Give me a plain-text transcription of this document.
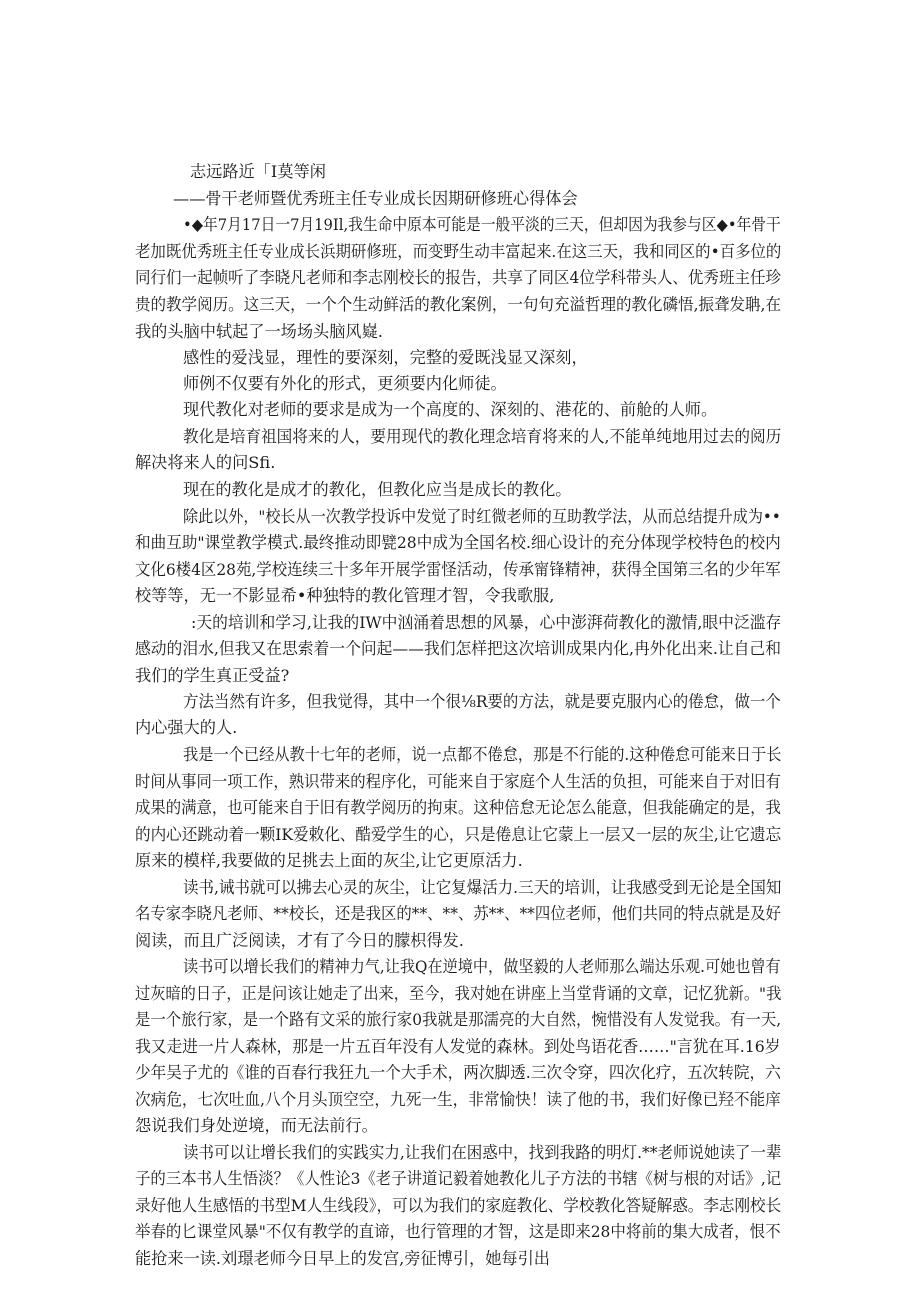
志远路近「I莫等闲
——骨干老师暨优秀班主任专业成长因期研修班心得体会
•◆年7月17日一7月19Il,我生命中原本可能是一般平淡的三天，但却因为我参与区◆•年骨干
老加既优秀班主任专业成长浜期研修班，而变野生动丰富起来.在这三天，我和同区的•百多位的
同行们一起帧听了李晓凡老师和李志刚校长的报告，共享了同区4位学科带头人、优秀班主任珍
贵的教学阅历。这三天，一个个生动鲜活的教化案例，一句句充溢哲理的教化磷悟,振聋发聃,在
我的头脑中轼起了一场场头脑风嶷.
感性的爱浅显，理性的要深刻，完整的爱既浅显又深刻，
师例不仅要有外化的形式，更须要内化师徒。
现代教化对老师的要求是成为一个高度的、深刻的、港花的、前舱的人师。
教化是培育祖国将来的人，要用现代的教化理念培育将来的人,不能单纯地用过去的阅历
解决将来人的问Sfi.
现在的教化是成才的教化，但教化应当是成长的教化。
除此以外，"校长从一次教学投诉中发觉了时红微老师的互助教学法，从而总结提升成为••
和曲互助"课堂教学模式.最终推动即甓28中成为全国名校.细心设计的充分体现学校特色的校内
文化6楼4区28苑,学校连续三十多年开展学雷怪活动，传承甯锋精神，获得全国第三名的少年军
校等等，无一不影显希•种独特的教化管理才智，令我歌服,
:天的培训和学习,让我的IW中汹涌着思想的风暴，心中澎湃荷教化的激情,眼中泛滥存
感动的泪水,但我又在思索着一个问起——我们怎样把这次培训成果内化,冉外化出来.让自己和
我们的学生真正受益?
方法当然有许多，但我觉得，其中一个很⅛R要的方法，就是要克服内心的倦怠，做一个
内心强大的人.
我是一个已经从教十七年的老师，说一点都不倦怠，那是不行能的.这种倦怠可能来日于长
时间从事同一项工作，熟识带来的程序化，可能来自于家庭个人生活的负担，可能来自于对旧有
成果的满意，也可能来自于旧有教学阅历的拘束。这种倍怠无论怎么能意，但我能确定的是，我
的内心还跳动着一颗IK爱敕化、酷爱学生的心，只是倦息让它蒙上一层又一层的灰尘,让它遗忘
原来的模样,我要做的足挑去上面的灰尘,让它更原活力.
读书,诫书就可以拂去心灵的灰尘，让它复爆活力.三天的培训，让我感受到无论是全国知
名专家李晓凡老师、**校长，还是我区的**、**、苏**、**四位老师，他们共同的特点就是及好
阅读，而且广泛阅读，才有了今日的朦枳得发.
读书可以增长我们的精神力气,让我Q在逆境中，做坚毅的人老师那么端达乐观.可她也曾有
过灰暗的日子，正是问该让她走了出来，至今，我对她在讲座上当堂背诵的文章，记忆犹新。"我
是一个旅行家，是一个路有文采的旅行家0我就是那濡亮的大自然，惋惜没有人发觉我。有一天,
我又走进一片人森林，那是一片五百年没有人发觉的森林。到处鸟语花香……"言犹在耳.16岁
少年吴子尤的《谁的百春行我狂九一个大手术，两次脚透.三次令穿，四次化疗，五次转院，六
次病危，七次吐血,八个月头顶空空，九死一生，非常愉快！读了他的书，我们好像已羟不能庠
怨说我们身处逆境，而无法前行。
读书可以让增长我们的实践实力,让我们在困惑中，找到我路的明灯.**老师说她读了一辈
子的三本书人生悟淡？《人性论3《老子讲道记毅着她教化儿子方法的书辖《树与根的对话》,记
录好他人生感悟的书型M人生线段》，可以为我们的家庭教化、学校教化答疑解惑。李志刚校长
举春的匕课堂风暴"不仅有教学的直谛，也行管理的才智，这是即来28中将前的集大成者，恨不
能抢来一读.刘璟老师今日早上的发宫,旁征博引，她每引出
